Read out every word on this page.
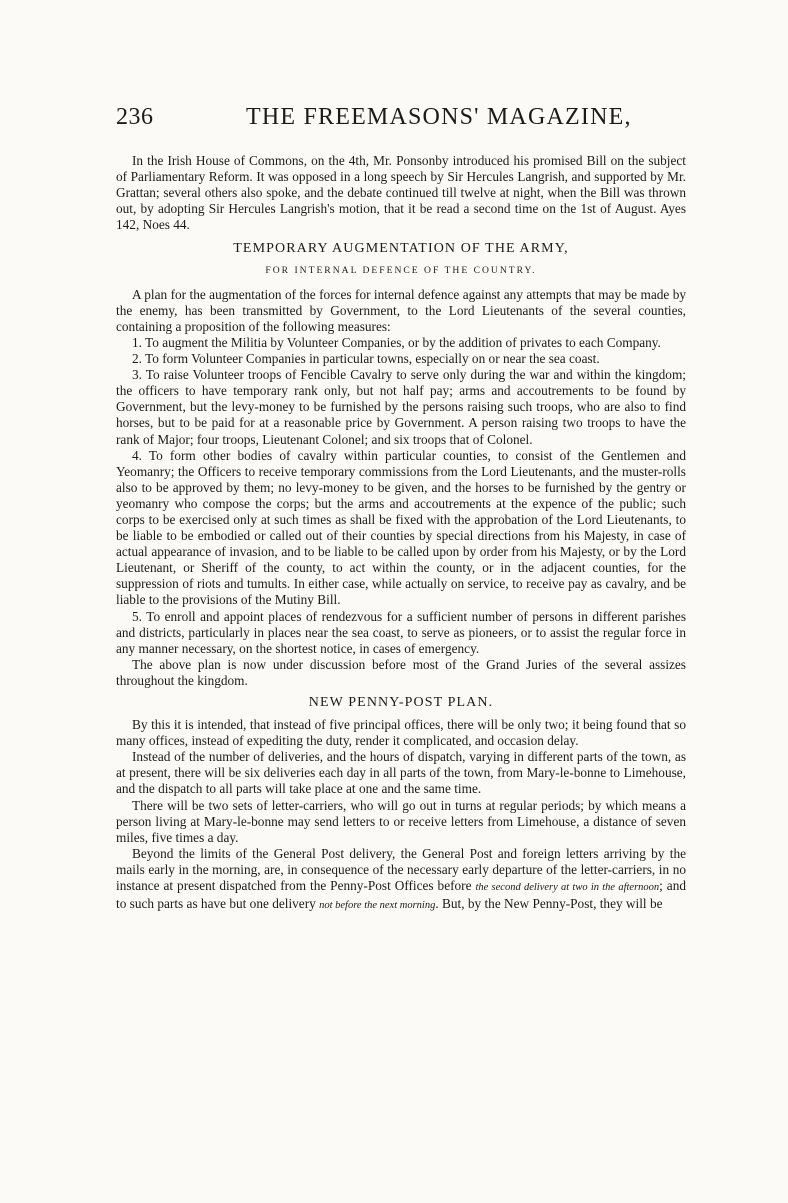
236	THE FREEMASONS' MAGAZINE,

In the Irish House of Commons, on the 4th, Mr. Ponsonby introduced his promised Bill on the subject of Parliamentary Reform. It was opposed in a long speech by Sir Hercules Langrish, and supported by Mr. Grattan; several others also spoke, and the debate continued till twelve at night, when the Bill was thrown out, by adopting Sir Hercules Langrish's motion, that it be read a second time on the 1st of August. Ayes 142, Noes 44.

TEMPORARY AUGMENTATION OF THE ARMY,
FOR INTERNAL DEFENCE OF THE COUNTRY.

A plan for the augmentation of the forces for internal defence against any attempts that may be made by the enemy, has been transmitted by Government, to the Lord Lieutenants of the several counties, containing a proposition of the following measures:

1. To augment the Militia by Volunteer Companies, or by the addition of privates to each Company.

2. To form Volunteer Companies in particular towns, especially on or near the sea coast.

3. To raise Volunteer troops of Fencible Cavalry to serve only during the war and within the kingdom; the officers to have temporary rank only, but not half pay; arms and accoutrements to be found by Government, but the levy-money to be furnished by the persons raising such troops, who are also to find horses, but to be paid for at a reasonable price by Government. A person raising two troops to have the rank of Major; four troops, Lieutenant Colonel; and six troops that of Colonel.

4. To form other bodies of cavalry within particular counties, to consist of the Gentlemen and Yeomanry; the Officers to receive temporary commissions from the Lord Lieutenants, and the muster-rolls also to be approved by them; no levy-money to be given, and the horses to be furnished by the gentry or yeomanry who compose the corps; but the arms and accoutrements at the expence of the public; such corps to be exercised only at such times as shall be fixed with the approbation of the Lord Lieutenants, to be liable to be embodied or called out of their counties by special directions from his Majesty, in case of actual appearance of invasion, and to be liable to be called upon by order from his Majesty, or by the Lord Lieutenant, or Sheriff of the county, to act within the county, or in the adjacent counties, for the suppression of riots and tumults. In either case, while actually on service, to receive pay as cavalry, and be liable to the provisions of the Mutiny Bill.

5. To enroll and appoint places of rendezvous for a sufficient number of persons in different parishes and districts, particularly in places near the sea coast, to serve as pioneers, or to assist the regular force in any manner necessary, on the shortest notice, in cases of emergency.

The above plan is now under discussion before most of the Grand Juries of the several assizes throughout the kingdom.

NEW PENNY-POST PLAN.

By this it is intended, that instead of five principal offices, there will be only two; it being found that so many offices, instead of expediting the duty, render it complicated, and occasion delay.

Instead of the number of deliveries, and the hours of dispatch, varying in different parts of the town, as at present, there will be six deliveries each day in all parts of the town, from Mary-le-bonne to Limehouse, and the dispatch to all parts will take place at one and the same time.

There will be two sets of letter-carriers, who will go out in turns at regular periods; by which means a person living at Mary-le-bonne may send letters to or receive letters from Limehouse, a distance of seven miles, five times a day.

Beyond the limits of the General Post delivery, the General Post and foreign letters arriving by the mails early in the morning, are, in consequence of the necessary early departure of the letter-carriers, in no instance at present dispatched from the Penny-Post Offices before the second delivery at two in the afternoon; and to such parts as have but one delivery not before the next morning. But, by the New Penny-Post, they will be
